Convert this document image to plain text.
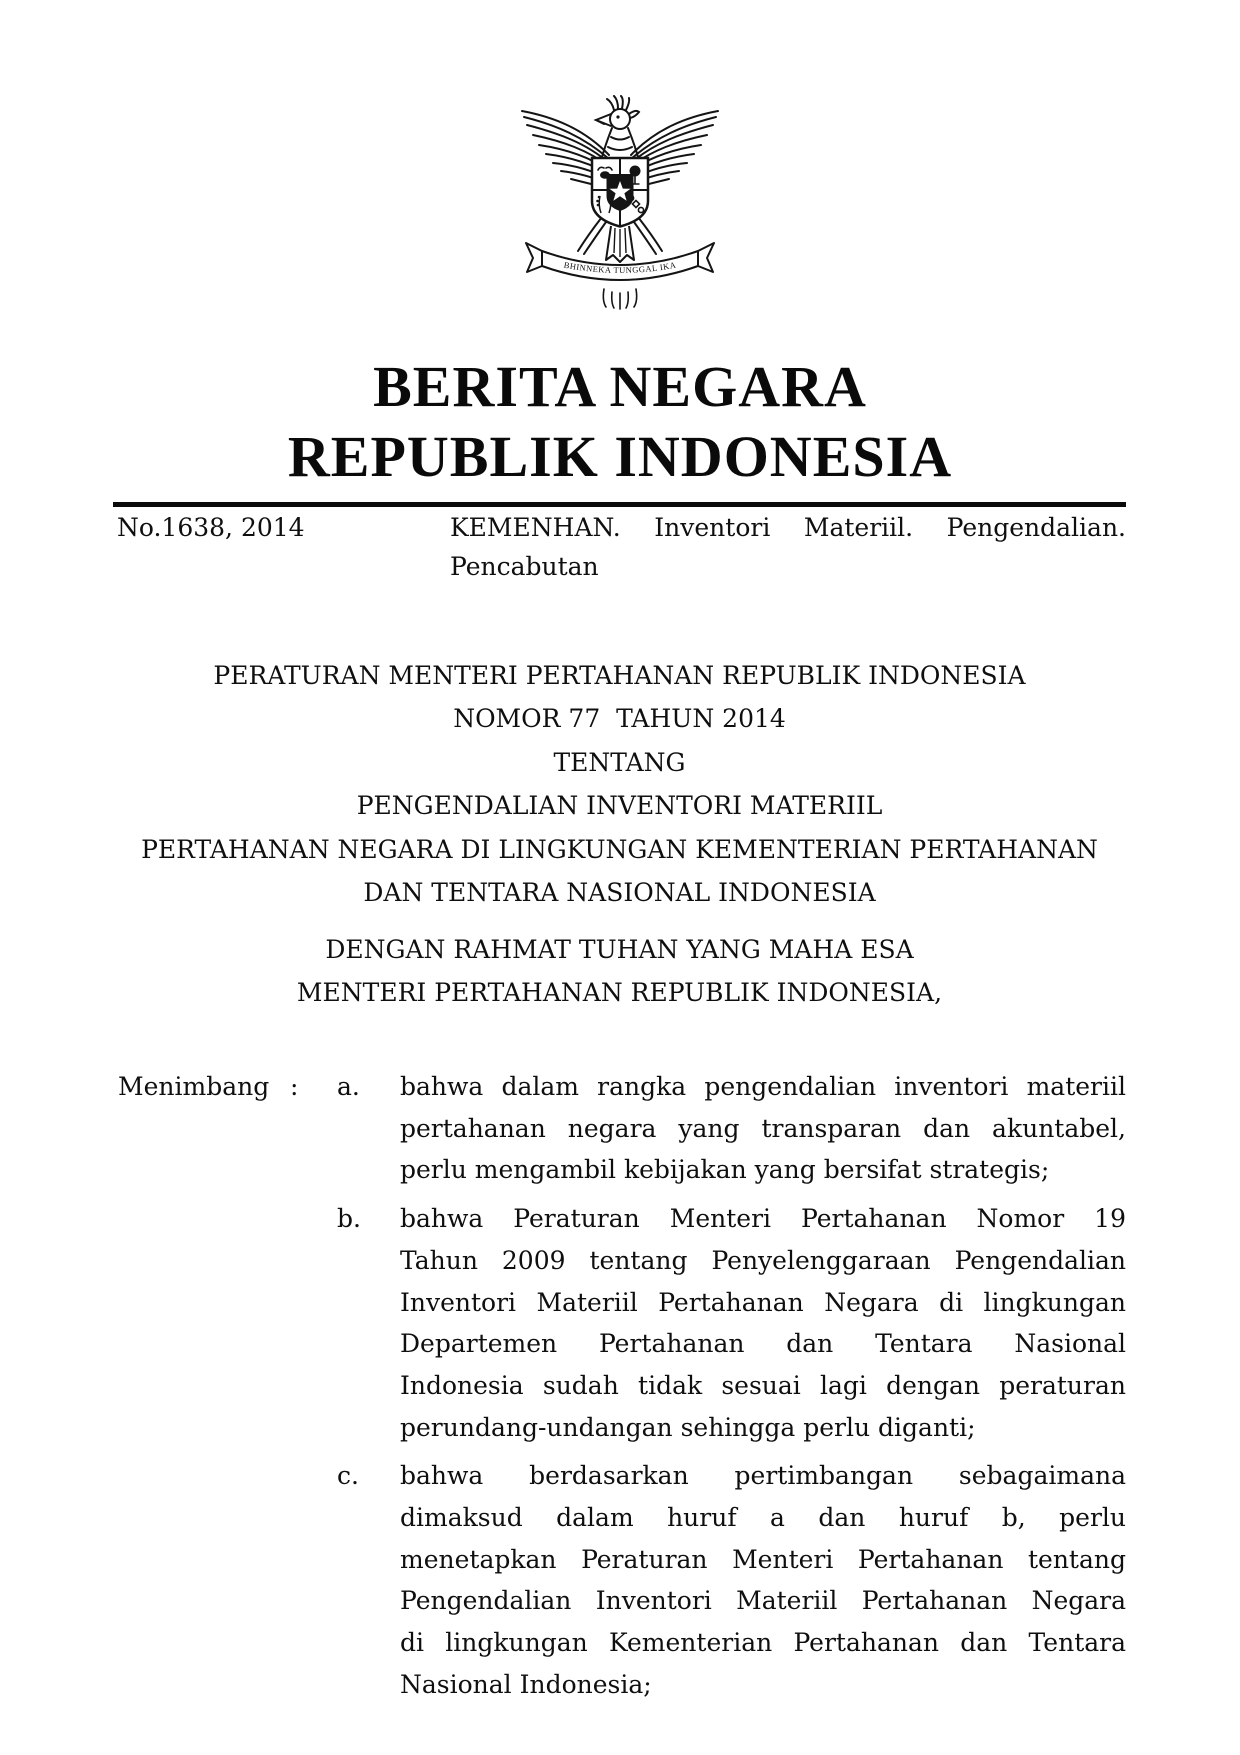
BHINNEKA TUNGGAL IKA
BERITA NEGARA
REPUBLIK INDONESIA
No.1638, 2014	KEMENHAN. Inventori Materiil. Pengendalian.
Pencabutan
PERATURAN MENTERI PERTAHANAN REPUBLIK INDONESIA
NOMOR 77  TAHUN 2014
TENTANG
PENGENDALIAN INVENTORI MATERIIL
PERTAHANAN NEGARA DI LINGKUNGAN KEMENTERIAN PERTAHANAN
DAN TENTARA NASIONAL INDONESIA
DENGAN RAHMAT TUHAN YANG MAHA ESA
MENTERI PERTAHANAN REPUBLIK INDONESIA,
Menimbang : a.	bahwa dalam rangka pengendalian inventori materiil
pertahanan negara yang transparan dan akuntabel,
perlu mengambil kebijakan yang bersifat strategis;
b.	bahwa Peraturan Menteri Pertahanan Nomor 19
Tahun 2009 tentang Penyelenggaraan Pengendalian
Inventori Materiil Pertahanan Negara di lingkungan
Departemen Pertahanan dan Tentara Nasional
Indonesia sudah tidak sesuai lagi dengan peraturan
perundang-undangan sehingga perlu diganti;
c.	bahwa berdasarkan pertimbangan sebagaimana
dimaksud dalam huruf a dan huruf b, perlu
menetapkan Peraturan Menteri Pertahanan tentang
Pengendalian Inventori Materiil Pertahanan Negara
di lingkungan Kementerian Pertahanan dan Tentara
Nasional Indonesia;
